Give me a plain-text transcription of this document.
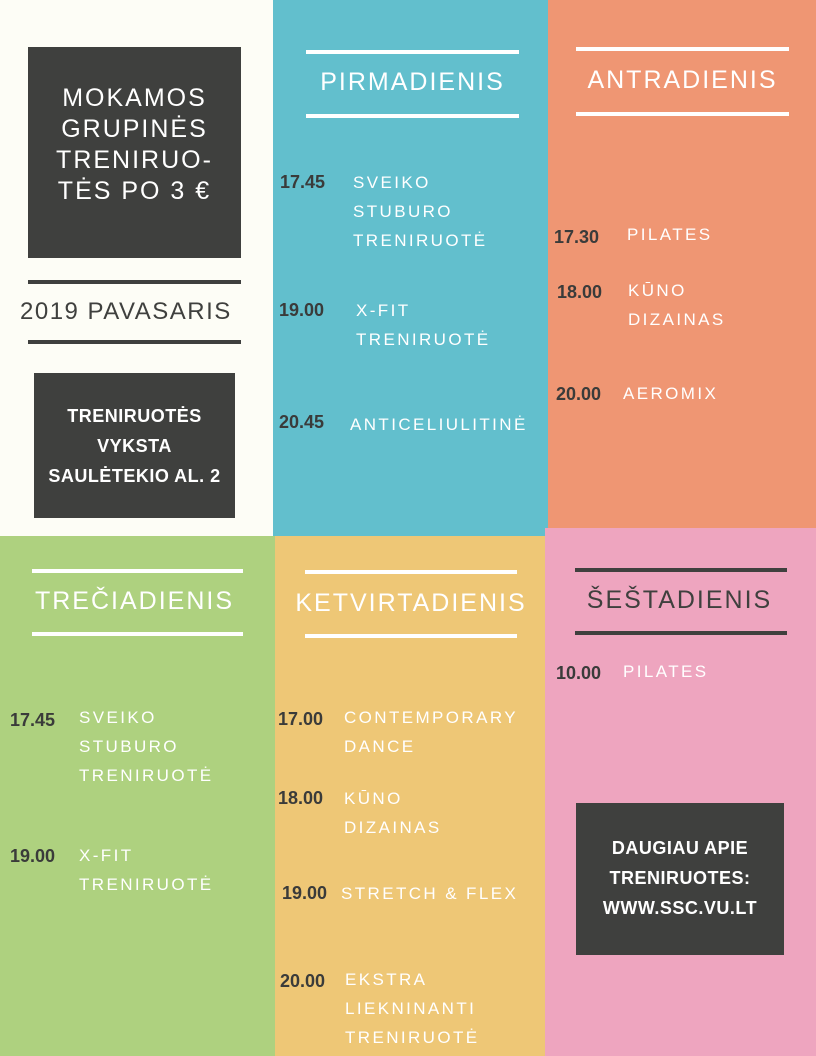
MOKAMOS
GRUPINĖS
TRENIRUO-
TĖS PO 3 €
2019 PAVASARIS
TRENIRUOTĖS
VYKSTA
SAULĖTEKIO AL. 2
PIRMADIENIS
17.45 SVEIKO
STUBURO
TRENIRUOTĖ
19.00 X-FIT
TRENIRUOTĖ
20.45 ANTICELIULITINĖ
ANTRADIENIS
17.30 PILATES
18.00 KŪNO
DIZAINAS
20.00 AEROMIX
TREČIADIENIS
17.45 SVEIKO
STUBURO
TRENIRUOTĖ
19.00 X-FIT
TRENIRUOTĖ
KETVIRTADIENIS
17.00 CONTEMPORARY
DANCE
18.00 KŪNO
DIZAINAS
19.00 STRETCH & FLEX
20.00 EKSTRA
LIEKNINANTI
TRENIRUOTĖ
ŠEŠTADIENIS
10.00 PILATES
DAUGIAU APIE
TRENIRUOTES:
WWW.SSC.VU.LT
